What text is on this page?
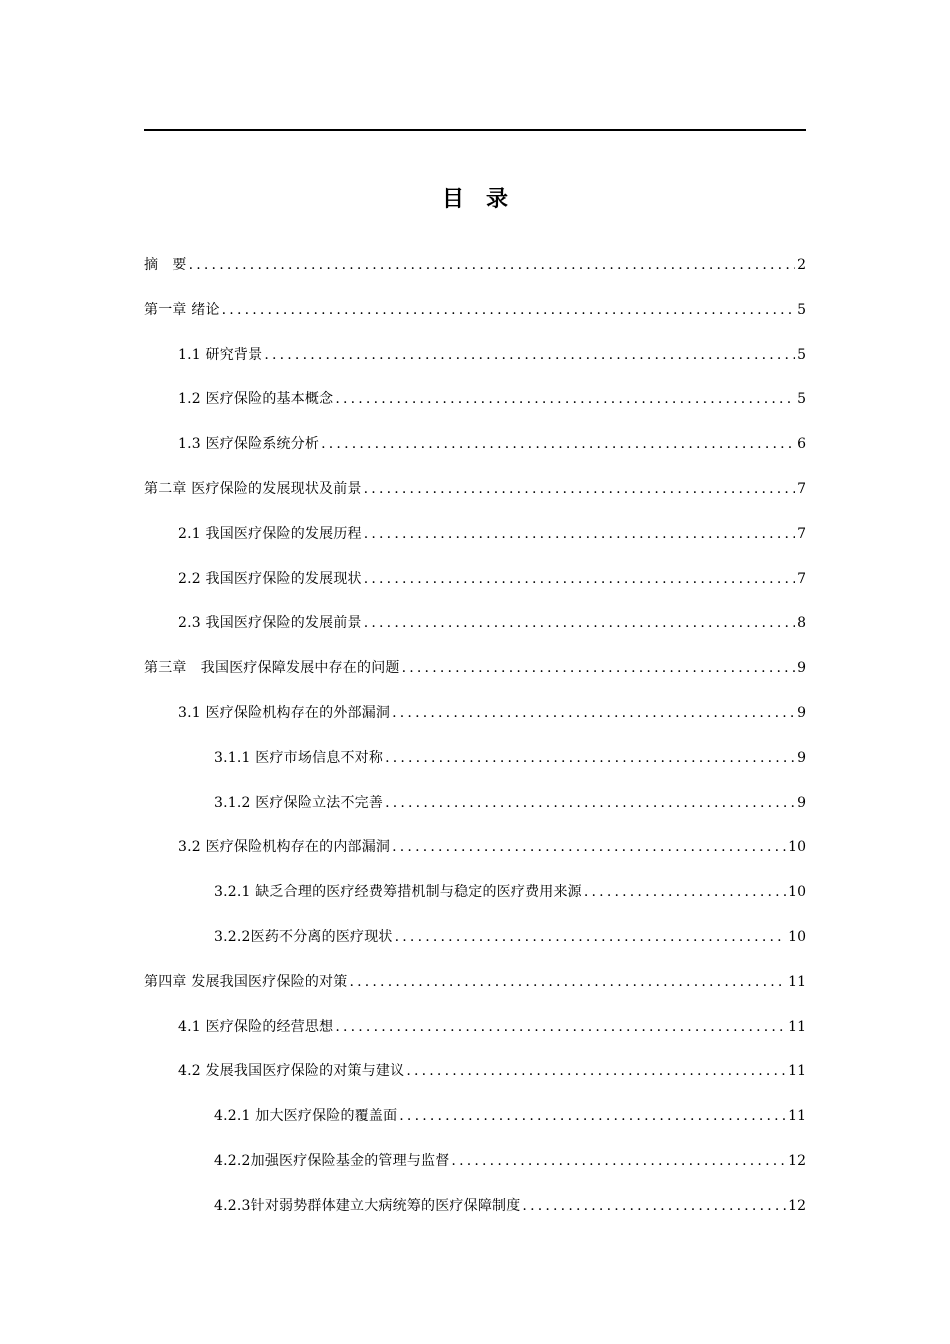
目 录
摘　要 .....	2
第一章 绪论 .....	5
1.1 研究背景 .....	5
1.2 医疗保险的基本概念 .....	5
1.3 医疗保险系统分析 .....	6
第二章 医疗保险的发展现状及前景 .....	7
2.1 我国医疗保险的发展历程 .....	7
2.2 我国医疗保险的发展现状 .....	7
2.3 我国医疗保险的发展前景 .....	8
第三章　我国医疗保障发展中存在的问题 .....	9
3.1 医疗保险机构存在的外部漏洞 .....	9
3.1.1 医疗市场信息不对称 .....	9
3.1.2 医疗保险立法不完善 .....	9
3.2 医疗保险机构存在的内部漏洞 .....	10
3.2.1 缺乏合理的医疗经费筹措机制与稳定的医疗费用来源 .....	10
3.2.2医药不分离的医疗现状 .....	10
第四章 发展我国医疗保险的对策 .....	11
4.1 医疗保险的经营思想 .....	11
4.2 发展我国医疗保险的对策与建议 .....	11
4.2.1 加大医疗保险的覆盖面 .....	11
4.2.2加强医疗保险基金的管理与监督 .....	12
4.2.3针对弱势群体建立大病统筹的医疗保障制度 .....	12
